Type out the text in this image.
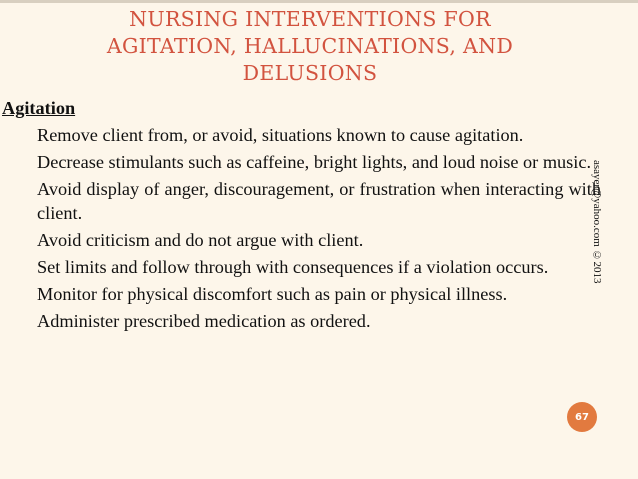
NURSING INTERVENTIONS FOR
AGITATION, HALLUCINATIONS, AND
DELUSIONS
Agitation
Remove client from, or avoid, situations known to cause agitation.
Decrease stimulants such as caffeine, bright lights, and loud noise or music.
Avoid display of anger, discouragement, or frustration when interacting with client.
Avoid criticism and do not argue with client.
Set limits and follow through with consequences if a violation occurs.
Monitor for physical discomfort such as pain or physical illness.
Administer prescribed medication as ordered.
asayer@yahoo.com ©2013
67
